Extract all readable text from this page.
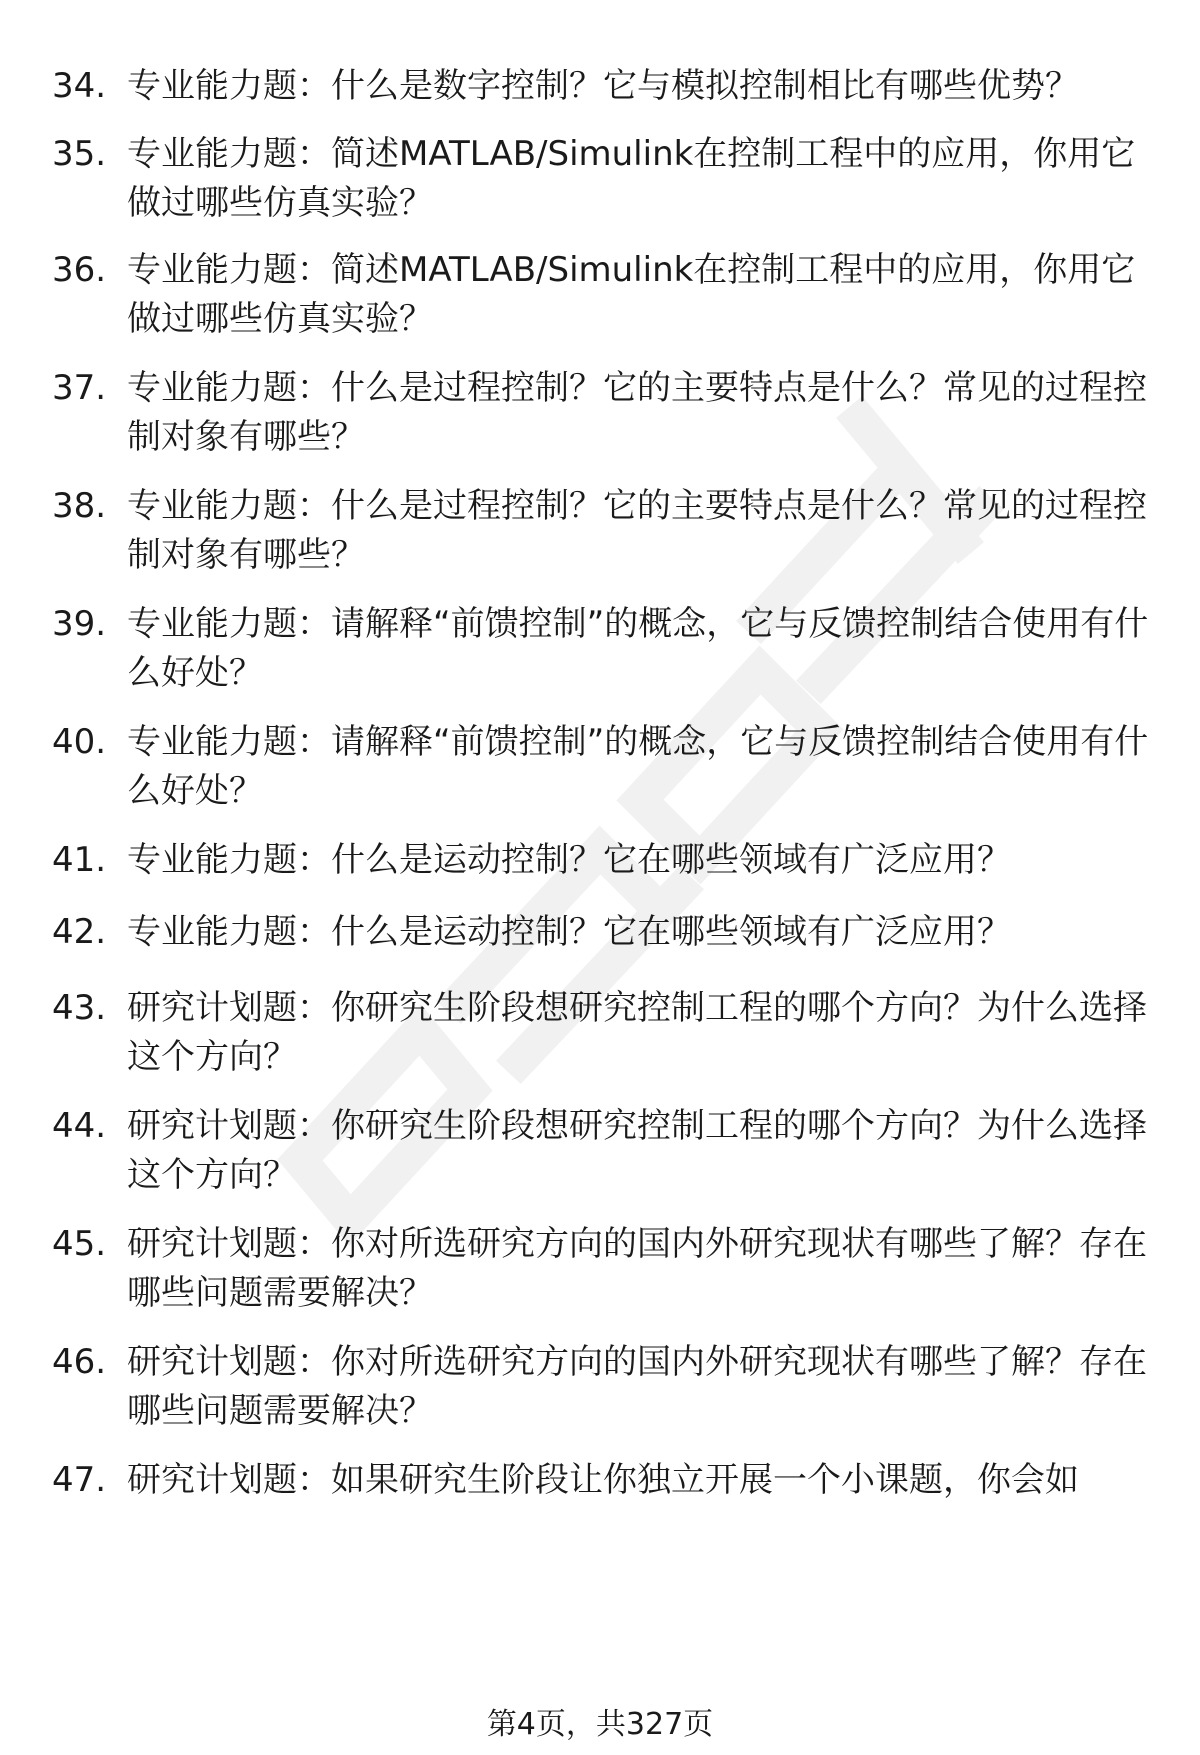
34. 专业能力题：什么是数字控制？它与模拟控制相比有哪些优势？
35. 专业能力题：简述MATLAB/Simulink在控制工程中的应用，你用它做过哪些仿真实验？
36. 专业能力题：简述MATLAB/Simulink在控制工程中的应用，你用它做过哪些仿真实验？
37. 专业能力题：什么是过程控制？它的主要特点是什么？常见的过程控制对象有哪些？
38. 专业能力题：什么是过程控制？它的主要特点是什么？常见的过程控制对象有哪些？
39. 专业能力题：请解释“前馈控制”的概念，它与反馈控制结合使用有什么好处？
40. 专业能力题：请解释“前馈控制”的概念，它与反馈控制结合使用有什么好处？
41. 专业能力题：什么是运动控制？它在哪些领域有广泛应用？
42. 专业能力题：什么是运动控制？它在哪些领域有广泛应用？
43. 研究计划题：你研究生阶段想研究控制工程的哪个方向？为什么选择这个方向？
44. 研究计划题：你研究生阶段想研究控制工程的哪个方向？为什么选择这个方向？
45. 研究计划题：你对所选研究方向的国内外研究现状有哪些了解？存在哪些问题需要解决？
46. 研究计划题：你对所选研究方向的国内外研究现状有哪些了解？存在哪些问题需要解决？
47. 研究计划题：如果研究生阶段让你独立开展一个小课题，你会如
第4页，共327页
